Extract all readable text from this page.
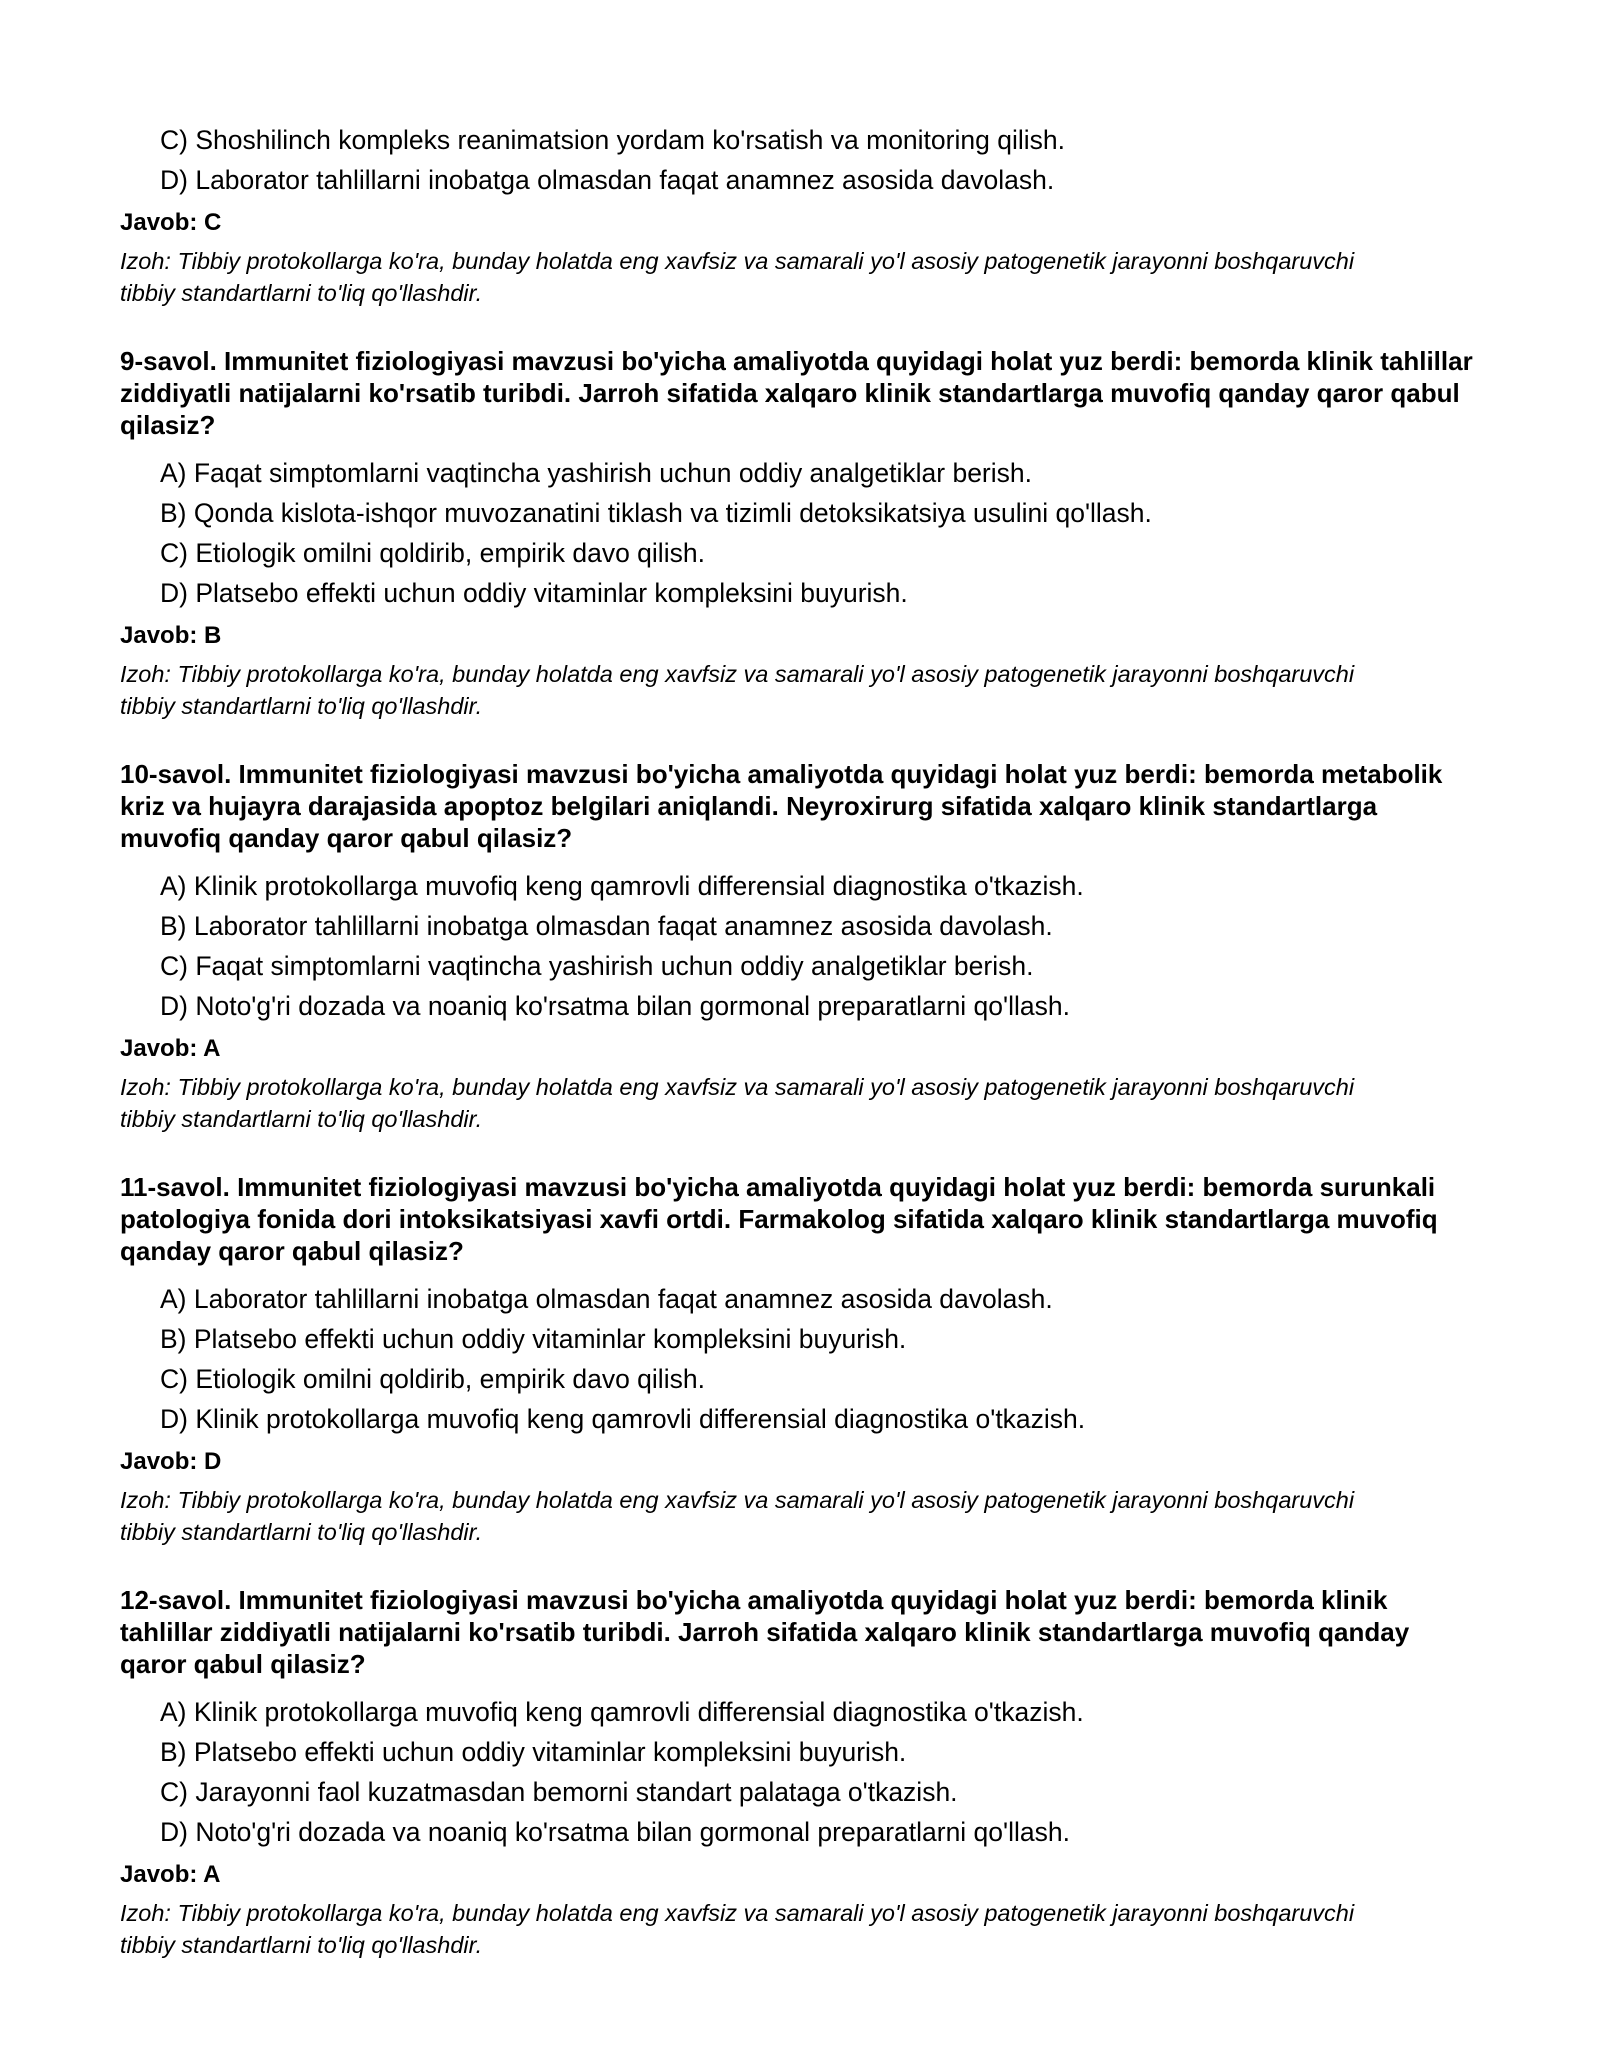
C) Shoshilinch kompleks reanimatsion yordam ko'rsatish va monitoring qilish.
D) Laborator tahlillarni inobatga olmasdan faqat anamnez asosida davolash.
Javob: C
Izoh: Tibbiy protokollarga ko'ra, bunday holatda eng xavfsiz va samarali yo'l asosiy patogenetik jarayonni boshqaruvchi tibbiy standartlarni to'liq qo'llashdir.
9-savol. Immunitet fiziologiyasi mavzusi bo'yicha amaliyotda quyidagi holat yuz berdi: bemorda klinik tahlillar ziddiyatli natijalarni ko'rsatib turibdi. Jarroh sifatida xalqaro klinik standartlarga muvofiq qanday qaror qabul qilasiz?
A) Faqat simptomlarni vaqtincha yashirish uchun oddiy analgetiklar berish.
B) Qonda kislota-ishqor muvozanatini tiklash va tizimli detoksikatsiya usulini qo'llash.
C) Etiologik omilni qoldirib, empirik davo qilish.
D) Platsebo effekti uchun oddiy vitaminlar kompleksini buyurish.
Javob: B
Izoh: Tibbiy protokollarga ko'ra, bunday holatda eng xavfsiz va samarali yo'l asosiy patogenetik jarayonni boshqaruvchi tibbiy standartlarni to'liq qo'llashdir.
10-savol. Immunitet fiziologiyasi mavzusi bo'yicha amaliyotda quyidagi holat yuz berdi: bemorda metabolik kriz va hujayra darajasida apoptoz belgilari aniqlandi. Neyroxirurg sifatida xalqaro klinik standartlarga muvofiq qanday qaror qabul qilasiz?
A) Klinik protokollarga muvofiq keng qamrovli differensial diagnostika o'tkazish.
B) Laborator tahlillarni inobatga olmasdan faqat anamnez asosida davolash.
C) Faqat simptomlarni vaqtincha yashirish uchun oddiy analgetiklar berish.
D) Noto'g'ri dozada va noaniq ko'rsatma bilan gormonal preparatlarni qo'llash.
Javob: A
Izoh: Tibbiy protokollarga ko'ra, bunday holatda eng xavfsiz va samarali yo'l asosiy patogenetik jarayonni boshqaruvchi tibbiy standartlarni to'liq qo'llashdir.
11-savol. Immunitet fiziologiyasi mavzusi bo'yicha amaliyotda quyidagi holat yuz berdi: bemorda surunkali patologiya fonida dori intoksikatsiyasi xavfi ortdi. Farmakolog sifatida xalqaro klinik standartlarga muvofiq qanday qaror qabul qilasiz?
A) Laborator tahlillarni inobatga olmasdan faqat anamnez asosida davolash.
B) Platsebo effekti uchun oddiy vitaminlar kompleksini buyurish.
C) Etiologik omilni qoldirib, empirik davo qilish.
D) Klinik protokollarga muvofiq keng qamrovli differensial diagnostika o'tkazish.
Javob: D
Izoh: Tibbiy protokollarga ko'ra, bunday holatda eng xavfsiz va samarali yo'l asosiy patogenetik jarayonni boshqaruvchi tibbiy standartlarni to'liq qo'llashdir.
12-savol. Immunitet fiziologiyasi mavzusi bo'yicha amaliyotda quyidagi holat yuz berdi: bemorda klinik tahlillar ziddiyatli natijalarni ko'rsatib turibdi. Jarroh sifatida xalqaro klinik standartlarga muvofiq qanday qaror qabul qilasiz?
A) Klinik protokollarga muvofiq keng qamrovli differensial diagnostika o'tkazish.
B) Platsebo effekti uchun oddiy vitaminlar kompleksini buyurish.
C) Jarayonni faol kuzatmasdan bemorni standart palataga o'tkazish.
D) Noto'g'ri dozada va noaniq ko'rsatma bilan gormonal preparatlarni qo'llash.
Javob: A
Izoh: Tibbiy protokollarga ko'ra, bunday holatda eng xavfsiz va samarali yo'l asosiy patogenetik jarayonni boshqaruvchi tibbiy standartlarni to'liq qo'llashdir.
